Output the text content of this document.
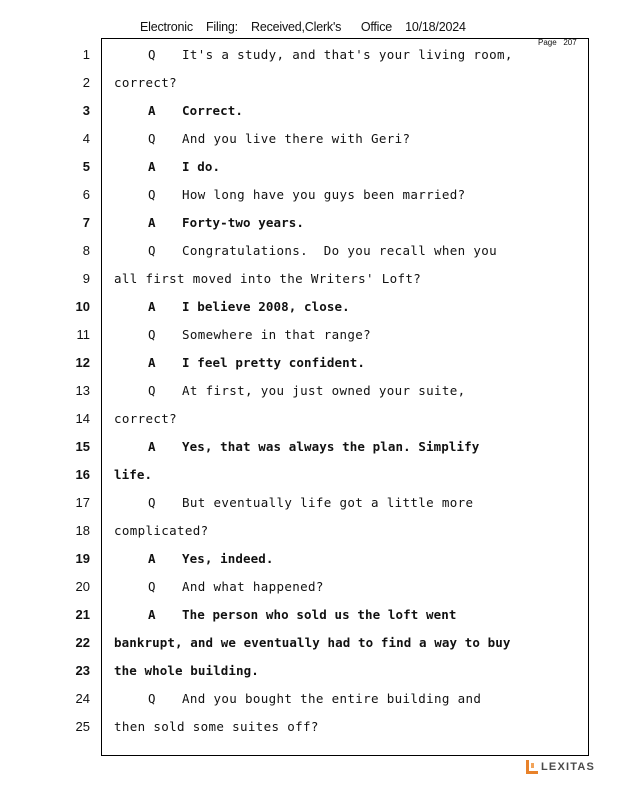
Electronic    Filing:    Received,Clerk's      Office    10/18/2024
Page   207
1
2
3
4
5
6
7
8
9
10
11
12
13
14
15
16
17
18
19
20
21
22
23
24
25
Q It's a study, and that's your living room,
correct?
A Correct.
Q And you live there with Geri?
A I do.
Q How long have you guys been married?
A Forty-two years.
Q Congratulations.  Do you recall when you
all first moved into the Writers' Loft?
A I believe 2008, close.
Q Somewhere in that range?
A I feel pretty confident.
Q At first, you just owned your suite,
correct?
A Yes, that was always the plan. Simplify
life.
Q But eventually life got a little more
complicated?
A Yes, indeed.
Q And what happened?
A The person who sold us the loft went
bankrupt, and we eventually had to find a way to buy
the whole building.
Q And you bought the entire building and
then sold some suites off?
LEXITAS
